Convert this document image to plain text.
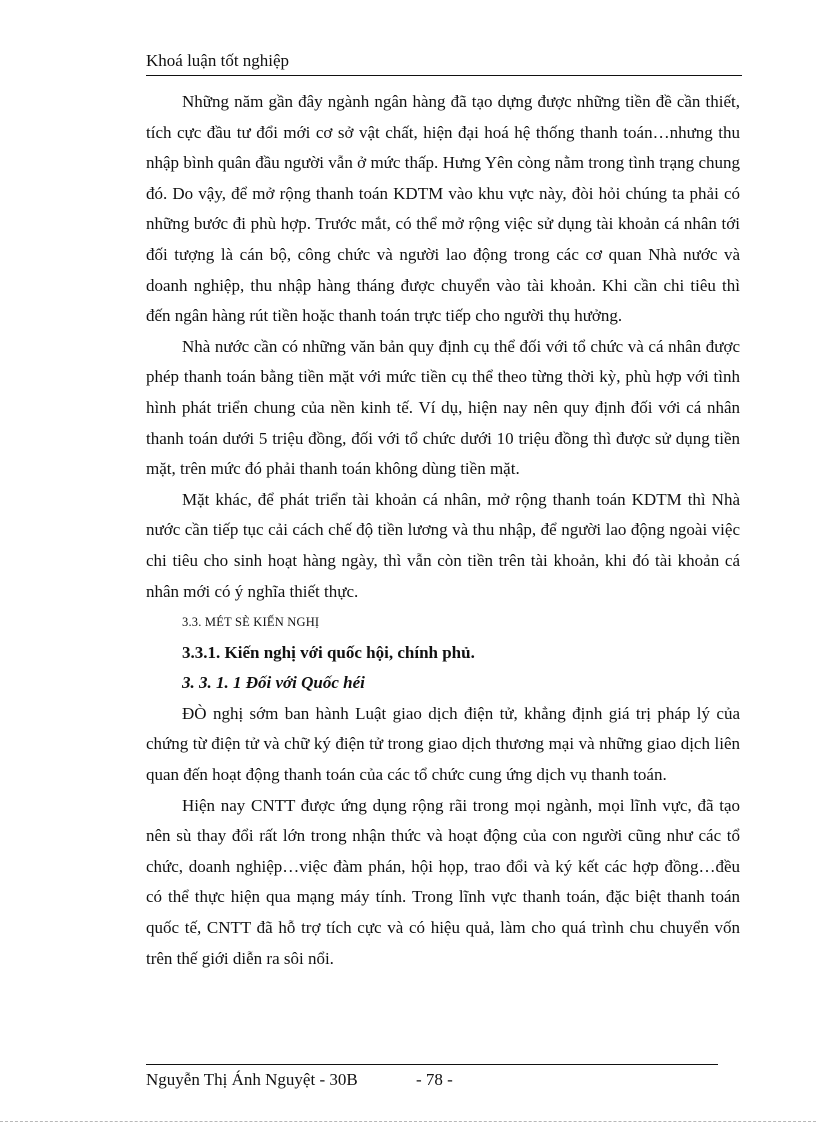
Khoá luận tốt nghiệp

Những năm gần đây ngành ngân hàng đã tạo dựng được những tiền đề cần thiết, tích cực đầu tư đổi mới cơ sở vật chất, hiện đại hoá hệ thống thanh toán…nhưng thu nhập bình quân đầu người vẫn ở mức thấp. Hưng Yên còng nằm trong tình trạng chung đó. Do vậy, để mở rộng thanh toán KDTM vào khu vực này, đòi hỏi chúng ta phải có những bước đi phù hợp. Trước mắt, có thể mở rộng việc sử dụng tài khoản cá nhân tới đối tượng là cán bộ, công chức và người lao động trong các cơ quan Nhà nước và doanh nghiệp, thu nhập hàng tháng được chuyển vào tài khoản. Khi cần chi tiêu thì đến ngân hàng rút tiền hoặc thanh toán trực tiếp cho người thụ hưởng.

Nhà nước cần có những văn bản quy định cụ thể đối với tổ chức và cá nhân được phép thanh toán bằng tiền mặt với mức tiền cụ thể theo từng thời kỳ, phù hợp với tình hình phát triển chung của nền kinh tế. Ví dụ, hiện nay nên quy định đối với cá nhân thanh toán dưới 5 triệu đồng, đối với tổ chức dưới 10 triệu đồng thì được sử dụng tiền mặt, trên mức đó phải thanh toán không dùng tiền mặt.

Mặt khác, để phát triển tài khoản cá nhân, mở rộng thanh toán KDTM thì Nhà nước cần tiếp tục cải cách chế độ tiền lương và thu nhập, để người lao động ngoài việc chi tiêu cho sinh hoạt hàng ngày, thì vẫn còn tiền trên tài khoản, khi đó tài khoản cá nhân mới có ý nghĩa thiết thực.

3.3. MÉT SÈ KIẾN NGHỊ

3.3.1. Kiến nghị với quốc hội, chính phủ.

3. 3. 1. 1 Đối với Quốc héi

ĐÒ nghị sớm ban hành Luật giao dịch điện tử, khẳng định giá trị pháp lý của chứng từ điện tử và chữ ký điện tử trong giao dịch thương mại và những giao dịch liên quan đến hoạt động thanh toán của các tổ chức cung ứng dịch vụ thanh toán.

Hiện nay CNTT được ứng dụng rộng rãi trong mọi ngành, mọi lĩnh vực, đã tạo nên sù thay đổi rất lớn trong nhận thức và hoạt động của con người cũng như các tổ chức, doanh nghiệp…việc đàm phán, hội họp, trao đổi và ký kết các hợp đồng…đều có thể thực hiện qua mạng máy tính. Trong lĩnh vực thanh toán, đặc biệt thanh toán quốc tế, CNTT đã hỗ trợ tích cực và có hiệu quả, làm cho quá trình chu chuyển vốn trên thế giới diễn ra sôi nổi.

Nguyễn Thị Ánh Nguyệt - 30B	- 78 -
